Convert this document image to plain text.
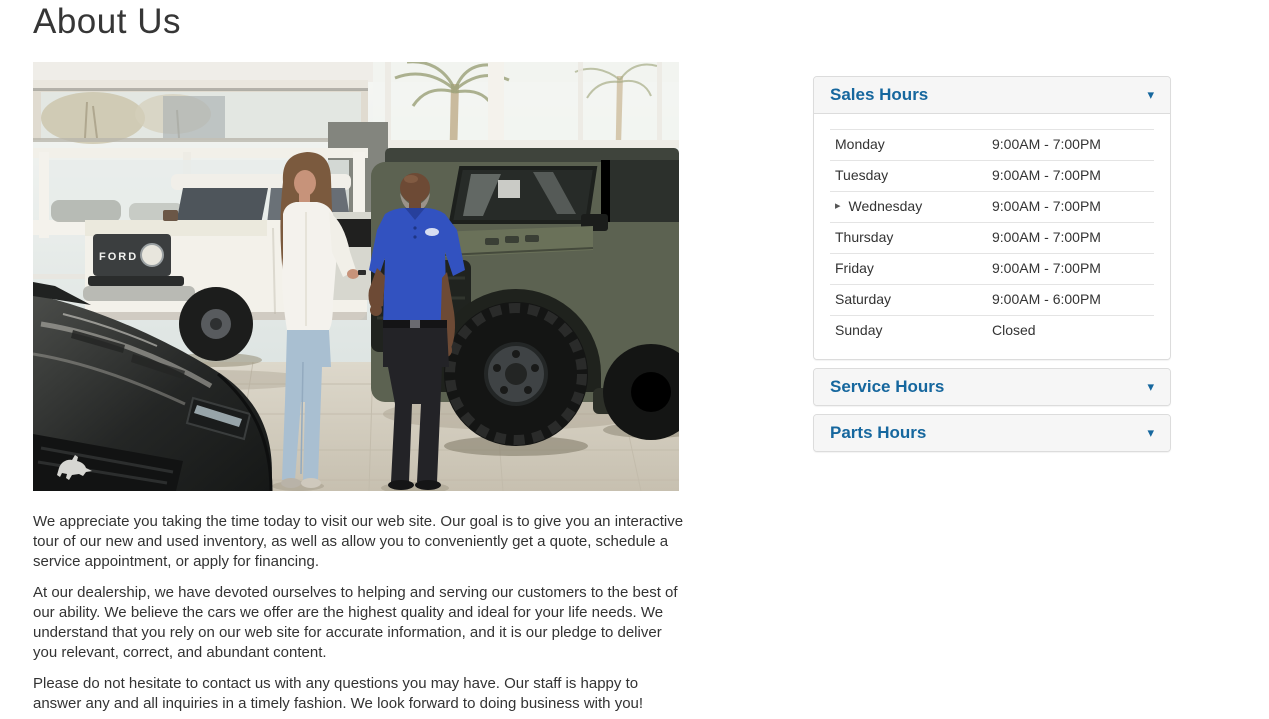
About Us
FORD

We appreciate you taking the time today to visit our web site. Our goal is to give you an interactive tour of our new and used inventory, as well as allow you to conveniently get a quote, schedule a service appointment, or apply for financing.

At our dealership, we have devoted ourselves to helping and serving our customers to the best of our ability. We believe the cars we offer are the highest quality and ideal for your life needs. We understand that you rely on our web site for accurate information, and it is our pledge to deliver you relevant, correct, and abundant content.

Please do not hesitate to contact us with any questions you may have. Our staff is happy to answer any and all inquiries in a timely fashion. We look forward to doing business with you!

Sales Hours	▾
Monday	9:00AM - 7:00PM
Tuesday	9:00AM - 7:00PM
▸ Wednesday	9:00AM - 7:00PM
Thursday	9:00AM - 7:00PM
Friday	9:00AM - 7:00PM
Saturday	9:00AM - 6:00PM
Sunday	Closed
Service Hours	▾
Parts Hours	▾
